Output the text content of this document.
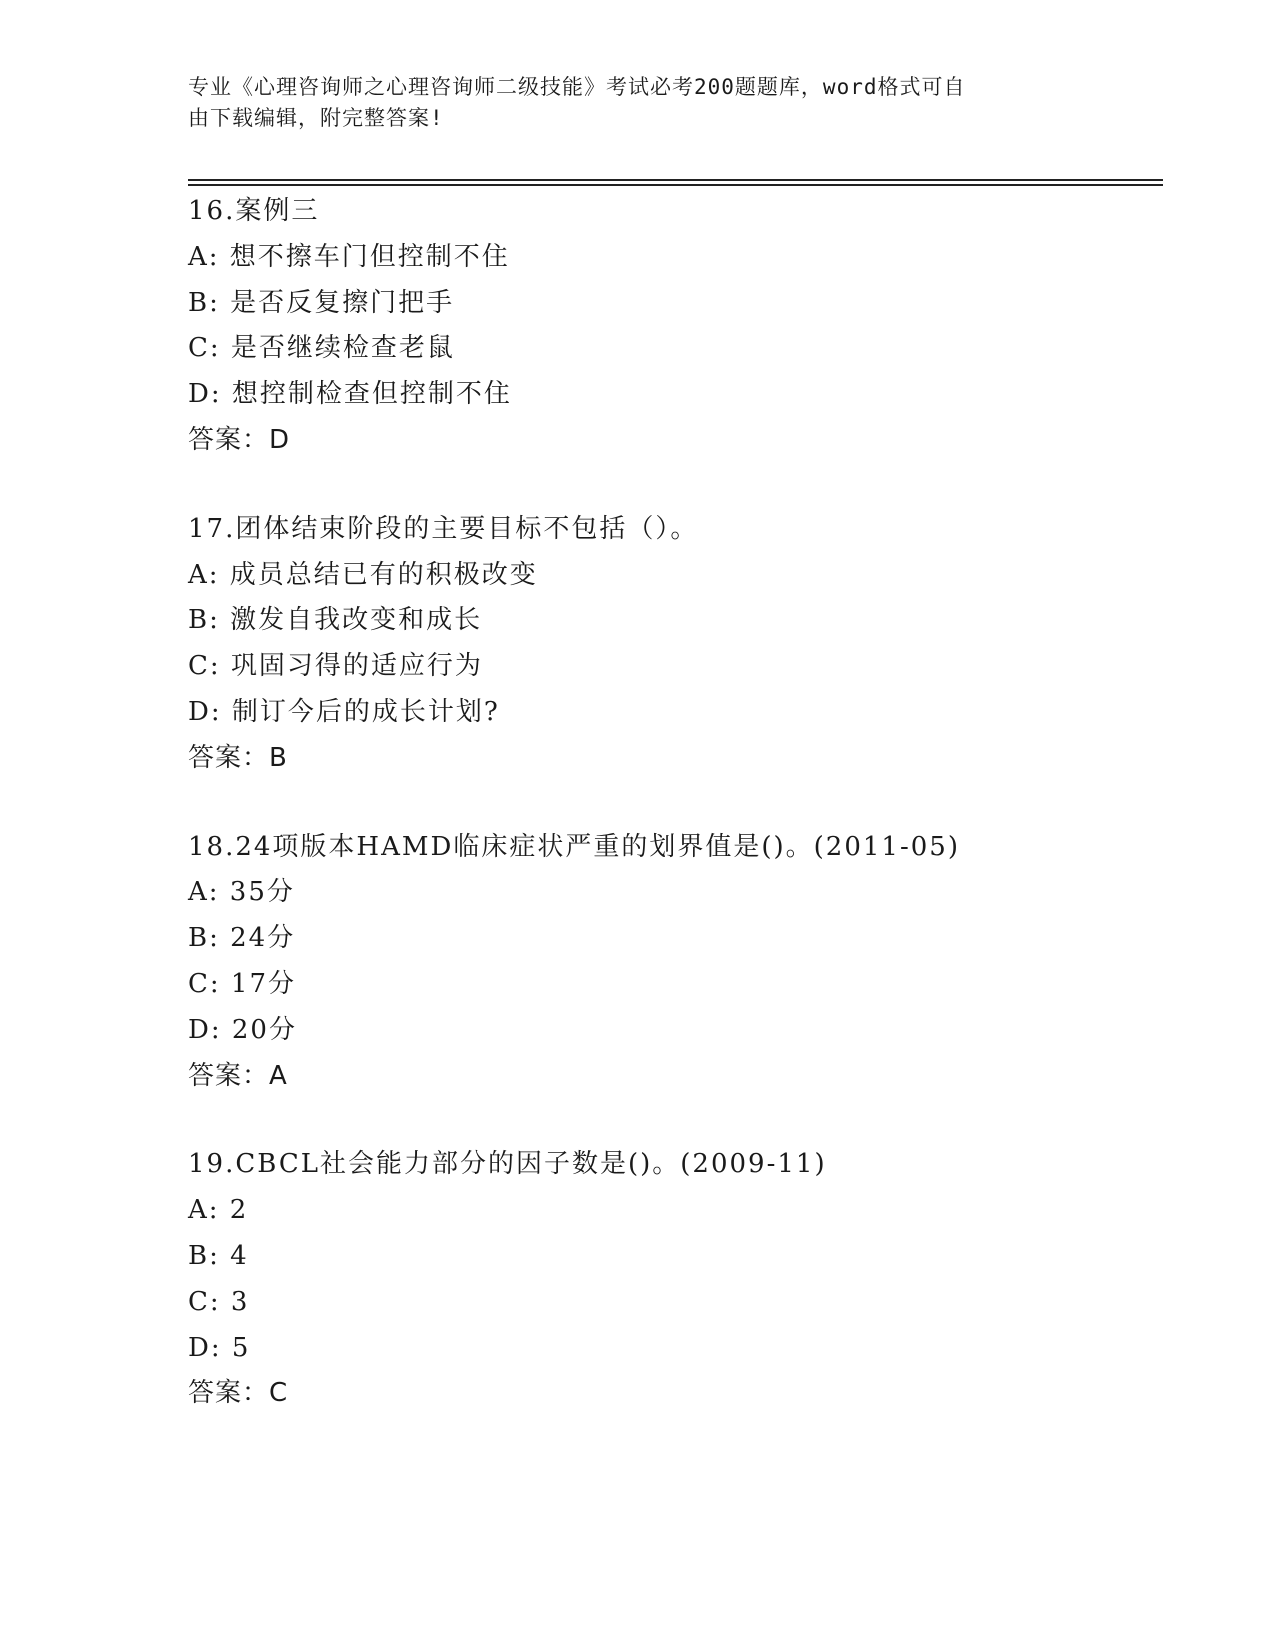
专业《心理咨询师之心理咨询师二级技能》考试必考200题题库，word格式可自
由下载编辑，附完整答案!
16.案例三
A: 想不擦车门但控制不住
B: 是否反复擦门把手
C: 是否继续检查老鼠
D: 想控制检查但控制不住
答案：D
17.团体结束阶段的主要目标不包括（）。
A: 成员总结已有的积极改变
B: 激发自我改变和成长
C: 巩固习得的适应行为
D: 制订今后的成长计划?
答案：B
18.24项版本HAMD临床症状严重的划界值是()。(2011-05)
A: 35分
B: 24分
C: 17分
D: 20分
答案：A
19.CBCL社会能力部分的因子数是()。(2009-11)
A: 2
B: 4
C: 3
D: 5
答案：C
